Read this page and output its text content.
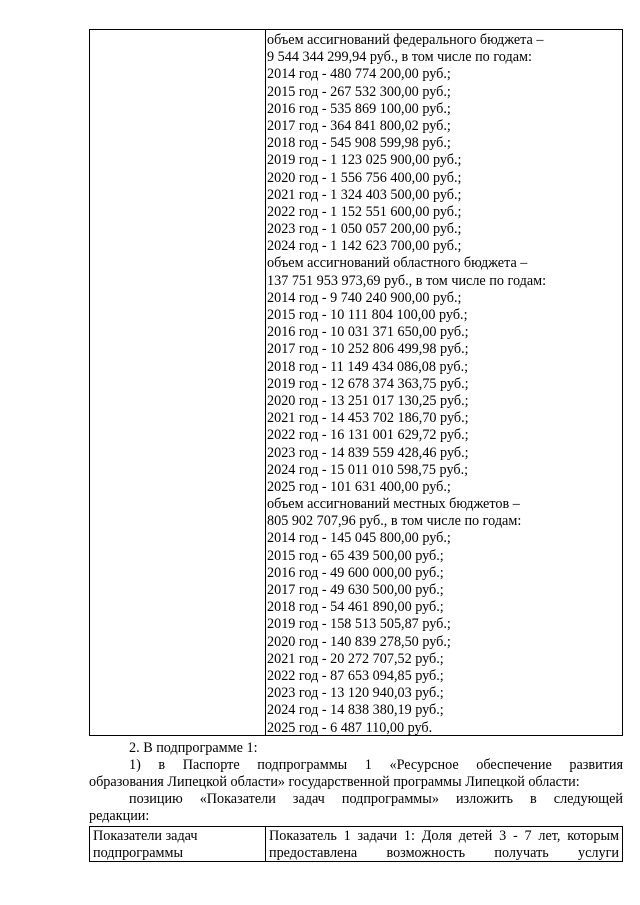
объем ассигнований федерального бюджета –
9 544 344 299,94 руб., в том числе по годам:
2014 год - 480 774 200,00 руб.;
2015 год - 267 532 300,00 руб.;
2016 год - 535 869 100,00 руб.;
2017 год - 364 841 800,02 руб.;
2018 год - 545 908 599,98 руб.;
2019 год - 1 123 025 900,00 руб.;
2020 год - 1 556 756 400,00 руб.;
2021 год - 1 324 403 500,00 руб.;
2022 год - 1 152 551 600,00 руб.;
2023 год - 1 050 057 200,00 руб.;
2024 год - 1 142 623 700,00 руб.;
объем ассигнований областного бюджета –
137 751 953 973,69 руб., в том числе по годам:
2014 год - 9 740 240 900,00 руб.;
2015 год - 10 111 804 100,00 руб.;
2016 год - 10 031 371 650,00 руб.;
2017 год - 10 252 806 499,98 руб.;
2018 год - 11 149 434 086,08 руб.;
2019 год - 12 678 374 363,75 руб.;
2020 год - 13 251 017 130,25 руб.;
2021 год - 14 453 702 186,70 руб.;
2022 год - 16 131 001 629,72 руб.;
2023 год - 14 839 559 428,46 руб.;
2024 год - 15 011 010 598,75 руб.;
2025 год - 101 631 400,00 руб.;
объем ассигнований местных бюджетов –
805 902 707,96 руб., в том числе по годам:
2014 год - 145 045 800,00 руб.;
2015 год - 65 439 500,00 руб.;
2016 год - 49 600 000,00 руб.;
2017 год - 49 630 500,00 руб.;
2018 год - 54 461 890,00 руб.;
2019 год - 158 513 505,87 руб.;
2020 год - 140 839 278,50 руб.;
2021 год - 20 272 707,52 руб.;
2022 год - 87 653 094,85 руб.;
2023 год - 13 120 940,03 руб.;
2024 год - 14 838 380,19 руб.;
2025 год - 6 487 110,00 руб.
2. В подпрограмме 1:
1) в Паспорте подпрограммы 1 «Ресурсное обеспечение развития
образования Липецкой области» государственной программы Липецкой области:
позицию «Показатели задач подпрограммы» изложить в следующей
редакции:
Показатели задач
подпрограммы
Показатель 1 задачи 1: Доля детей 3 - 7 лет, которым
предоставлена возможность получать услуги
